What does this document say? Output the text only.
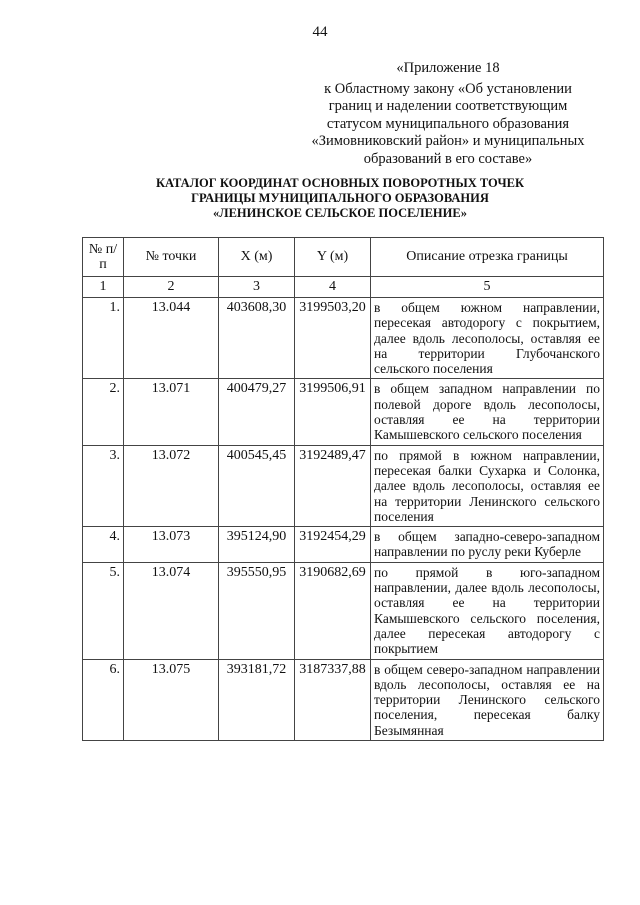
44
«Приложение 18
к Областному закону «Об установлении
границ и наделении соответствующим
статусом муниципального образования
«Зимовниковский район» и муниципальных
образований в его составе»
КАТАЛОГ КООРДИНАТ ОСНОВНЫХ ПОВОРОТНЫХ ТОЧЕК
ГРАНИЦЫ МУНИЦИПАЛЬНОГО ОБРАЗОВАНИЯ
«ЛЕНИНСКОЕ СЕЛЬСКОЕ ПОСЕЛЕНИЕ»
№ п/п	№ точки	X (м)	Y (м)	Описание отрезка границы
1	2	3	4	5
1.	13.044	403608,30	3199503,20	в общем южном направлении, пересекая автодорогу с покрытием, далее вдоль лесополосы, оставляя ее на территории Глубочанского сельского поселения
2.	13.071	400479,27	3199506,91	в общем западном направлении по полевой дороге вдоль лесополосы, оставляя ее на территории Камышевского сельского поселения
3.	13.072	400545,45	3192489,47	по прямой в южном направлении, пересекая балки Сухарка и Солонка, далее вдоль лесополосы, оставляя ее на территории Ленинского сельского поселения
4.	13.073	395124,90	3192454,29	в общем западно-северо-западном направлении по руслу реки Куберле
5.	13.074	395550,95	3190682,69	по прямой в юго-западном направлении, далее вдоль лесополосы, оставляя ее на территории Камышевского сельского поселения, далее пересекая автодорогу с покрытием
6.	13.075	393181,72	3187337,88	в общем северо-западном направлении вдоль лесополосы, оставляя ее на территории Ленинского сельского поселения, пересекая балку Безымянная
